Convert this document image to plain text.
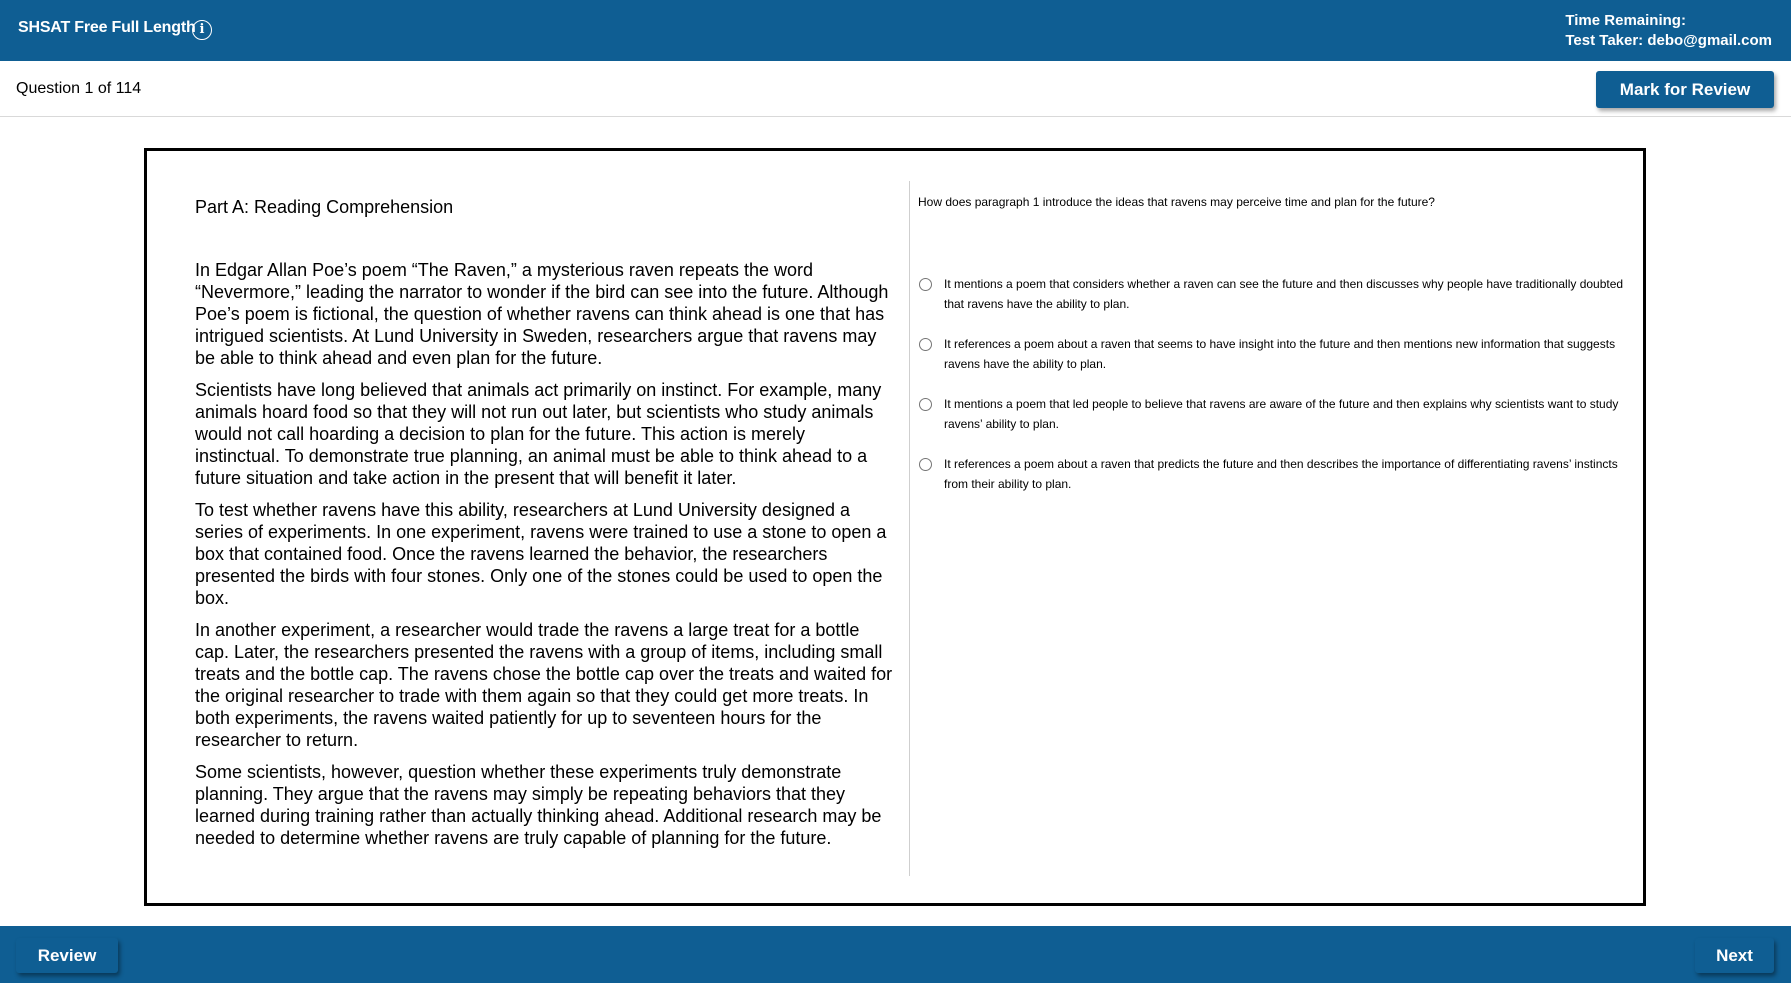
SHSAT Free Full Length i
Time Remaining:
Test Taker: debo@gmail.com
Question 1 of 114	Mark for Review
Part A: Reading Comprehension

In Edgar Allan Poe’s poem “The Raven,” a mysterious raven repeats the word “Nevermore,” leading the narrator to wonder if the bird can see into the future. Although Poe’s poem is fictional, the question of whether ravens can think ahead is one that has intrigued scientists. At Lund University in Sweden, researchers argue that ravens may be able to think ahead and even plan for the future.

Scientists have long believed that animals act primarily on instinct. For example, many animals hoard food so that they will not run out later, but scientists who study animals would not call hoarding a decision to plan for the future. This action is merely instinctual. To demonstrate true planning, an animal must be able to think ahead to a future situation and take action in the present that will benefit it later.

To test whether ravens have this ability, researchers at Lund University designed a series of experiments. In one experiment, ravens were trained to use a stone to open a box that contained food. Once the ravens learned the behavior, the researchers presented the birds with four stones. Only one of the stones could be used to open the box.

In another experiment, a researcher would trade the ravens a large treat for a bottle cap. Later, the researchers presented the ravens with a group of items, including small treats and the bottle cap. The ravens chose the bottle cap over the treats and waited for the original researcher to trade with them again so that they could get more treats. In both experiments, the ravens waited patiently for up to seventeen hours for the researcher to return.

Some scientists, however, question whether these experiments truly demonstrate planning. They argue that the ravens may simply be repeating behaviors that they learned during training rather than actually thinking ahead. Additional research may be needed to determine whether ravens are truly capable of planning for the future.

How does paragraph 1 introduce the ideas that ravens may perceive time and plan for the future?
It mentions a poem that considers whether a raven can see the future and then discusses why people have traditionally doubted that ravens have the ability to plan.
It references a poem about a raven that seems to have insight into the future and then mentions new information that suggests ravens have the ability to plan.
It mentions a poem that led people to believe that ravens are aware of the future and then explains why scientists want to study ravens’ ability to plan.
It references a poem about a raven that predicts the future and then describes the importance of differentiating ravens’ instincts from their ability to plan.
Review	Next
